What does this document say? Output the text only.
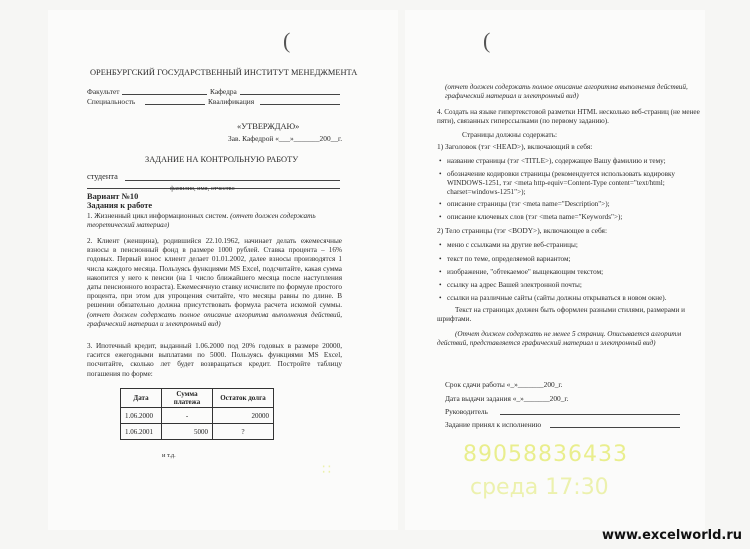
(	(
ОРЕНБУРГСКИЙ ГОСУДАРСТВЕННЫЙ ИНСТИТУТ МЕНЕДЖМЕНТА
Факультет	Кафедра
Специальность	Квалификация
«УТВЕРЖДАЮ»
Зав. Кафедрой «___»_______200__г.
ЗАДАНИЕ НА КОНТРОЛЬНУЮ РАБОТУ
студента
фамилия, имя, отчество
Вариант №10
Задания к работе
1. Жизненный цикл информационных систем. (отчет должен содержать теоретический материал)
2. Клиент (женщина), родившийся 22.10.1962, начинает делать ежемесячные взносы в пенсионный фонд в размере 1000 рублей. Ставка процента – 16% годовых. Первый взнос клиент делает 01.01.2002, далее взносы производятся 1 числа каждого месяца. Пользуясь функциями MS Excel, подсчитайте, какая сумма накопится у него к пенсии (на 1 число ближайшего месяца после наступления даты пенсионного возраста). Ежемесячную ставку исчислите по формуле простого процента, при этом для упрощения считайте, что месяцы равны по длине. В решении обязательно должна присутствовать формула расчета искомой суммы. (отчет должен содержать полное описание алгоритма выполнения действий, графический материал и электронный вид)
3. Ипотечный кредит, выданный 1.06.2000 под 20% годовых в размере 20000, гасится ежегодными выплатами по 5000. Пользуясь функциями MS Excel, посчитайте, сколько лет будет возвращаться кредит. Постройте таблицу погашения по форме:
Дата	Сумма платежа	Остаток долга
1.06.2000	-	20000
1.06.2001	5000	?
и т.д.
(отчет должен содержать полное описание алгоритма выполнения действий, графический материал и электронный вид)
4. Создать на языке гипертекстовой разметки HTML несколько веб-страниц (не менее пяти), связанных гиперссылками (по первому заданию).
Страницы должны содержать:
1) Заголовок (тэг <HEAD>), включающий в себя:
• название страницы (тэг <TITLE>), содержащее Вашу фамилию и тему;
• обозначение кодировки страницы (рекомендуется использовать кодировку WINDOWS-1251, тэг <meta http-equiv=Content-Type content="text/html; charset=windows-1251">);
• описание страницы (тэг <meta name="Description">);
• описание ключевых слов (тэг <meta name="Keywords">);
2) Тело страницы (тэг <BODY>), включающее в себя:
• меню с ссылками на другие веб-страницы;
• текст по теме, определяемой вариантом;
• изображение, "обтекаемое" выщекающим текстом;
• ссылку на адрес Вашей электронной почты;
• ссылки на различные сайты (сайты должны открываться в новом окне).
Текст на страницах должен быть оформлен разными стилями, размерами и шрифтами.
(Отчет должен содержать не менее 5 страниц. Описывается алгоритм действий, представляется графический материал и электронный вид)
Срок сдачи работы «_»_______200_г.
Дата выдачи задания «_»_______200_г.
Руководитель
Задание принял к исполнению
89058836433
среда 17:30
∷
www.excelworld.ru
